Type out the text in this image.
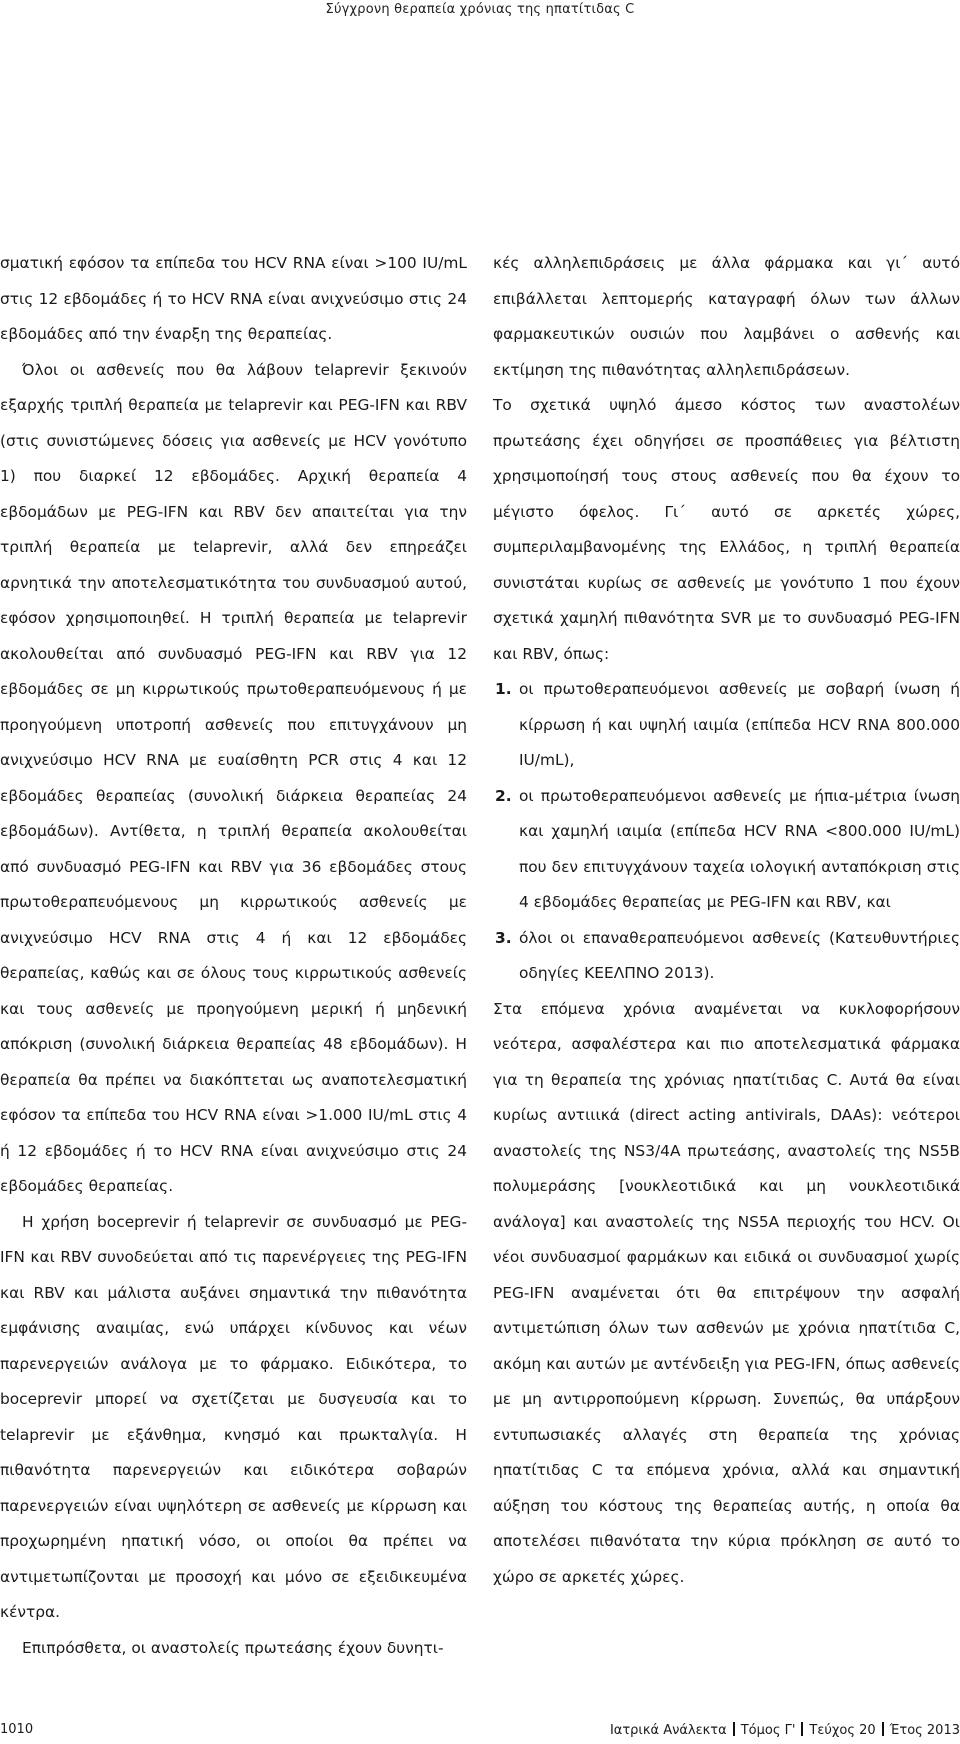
Σύγχρονη θεραπεία χρόνιας της ηπατίτιδας C

σματική εφόσον τα επίπεδα του HCV RNA είναι >100 IU/mL στις 12 εβδομάδες ή το HCV RNA είναι ανιχνεύσιμο στις 24 εβδομάδες από την έναρξη της θεραπείας.

Όλοι οι ασθενείς που θα λάβουν telaprevir ξεκινούν εξαρχής τριπλή θεραπεία με telaprevir και PEG-IFN και RBV (στις συνιστώμενες δόσεις για ασθενείς με HCV γονότυπο 1) που διαρκεί 12 εβδομάδες. Αρχική θεραπεία 4 εβδομάδων με PEG-IFN και RBV δεν απαιτείται για την τριπλή θεραπεία με telaprevir, αλλά δεν επηρεάζει αρνητικά την αποτελεσματικότητα του συνδυασμού αυτού, εφόσον χρησιμοποιηθεί. Η τριπλή θεραπεία με telaprevir ακολουθείται από συνδυασμό PEG-IFN και RBV για 12 εβδομάδες σε μη κιρρωτικούς πρωτοθεραπευόμενους ή με προηγούμενη υποτροπή ασθενείς που επιτυγχάνουν μη ανιχνεύσιμο HCV RNA με ευαίσθητη PCR στις 4 και 12 εβδομάδες θεραπείας (συνολική διάρκεια θεραπείας 24 εβδομάδων). Αντίθετα, η τριπλή θεραπεία ακολουθείται από συνδυασμό PEG-IFN και RBV για 36 εβδομάδες στους πρωτοθεραπευόμενους μη κιρρωτικούς ασθενείς με ανιχνεύσιμο HCV RNA στις 4 ή και 12 εβδομάδες θεραπείας, καθώς και σε όλους τους κιρρωτικούς ασθενείς και τους ασθενείς με προηγούμενη μερική ή μηδενική απόκριση (συνολική διάρκεια θεραπείας 48 εβδομάδων). Η θεραπεία θα πρέπει να διακόπτεται ως αναποτελεσματική εφόσον τα επίπεδα του HCV RNA είναι >1.000 IU/mL στις 4 ή 12 εβδομάδες ή το HCV RNA είναι ανιχνεύσιμο στις 24 εβδομάδες θεραπείας.

Η χρήση boceprevir ή telaprevir σε συνδυασμό με PEG-IFN και RBV συνοδεύεται από τις παρενέργειες της PEG-IFN και RBV και μάλιστα αυξάνει σημαντικά την πιθανότητα εμφάνισης αναιμίας, ενώ υπάρχει κίνδυνος και νέων παρενεργειών ανάλογα με το φάρμακο. Ειδικότερα, το boceprevir μπορεί να σχετίζεται με δυσγευσία και το telaprevir με εξάνθημα, κνησμό και πρωκταλγία. Η πιθανότητα παρενεργειών και ειδικότερα σοβαρών παρενεργειών είναι υψηλότερη σε ασθενείς με κίρρωση και προχωρημένη ηπατική νόσο, οι οποίοι θα πρέπει να αντιμετωπίζονται με προσοχή και μόνο σε εξειδικευμένα κέντρα.

Επιπρόσθετα, οι αναστολείς πρωτεάσης έχουν δυνητι-

κές αλληλεπιδράσεις με άλλα φάρμακα και γι΄ αυτό επιβάλλεται λεπτομερής καταγραφή όλων των άλλων φαρμακευτικών ουσιών που λαμβάνει ο ασθενής και εκτίμηση της πιθανότητας αλληλεπιδράσεων.

Το σχετικά υψηλό άμεσο κόστος των αναστολέων πρωτεάσης έχει οδηγήσει σε προσπάθειες για βέλτιστη χρησιμοποίησή τους στους ασθενείς που θα έχουν το μέγιστο όφελος. Γι΄ αυτό σε αρκετές χώρες, συμπεριλαμβανομένης της Ελλάδος, η τριπλή θεραπεία συνιστάται κυρίως σε ασθενείς με γονότυπο 1 που έχουν σχετικά χαμηλή πιθανότητα SVR με το συνδυασμό PEG-IFN και RBV, όπως:

1. οι πρωτοθεραπευόμενοι ασθενείς με σοβαρή ίνωση ή κίρρωση ή και υψηλή ιαιμία (επίπεδα HCV RNA 800.000 IU/mL),
2. οι πρωτοθεραπευόμενοι ασθενείς με ήπια-μέτρια ίνωση και χαμηλή ιαιμία (επίπεδα HCV RNA <800.000 IU/mL) που δεν επιτυγχάνουν ταχεία ιολογική ανταπόκριση στις 4 εβδομάδες θεραπείας με PEG-IFN και RBV, και
3. όλοι οι επαναθεραπευόμενοι ασθενείς (Κατευθυντήριες οδηγίες ΚΕΕΛΠΝΟ 2013).

Στα επόμενα χρόνια αναμένεται να κυκλοφορήσουν νεότερα, ασφαλέστερα και πιο αποτελεσματικά φάρμακα για τη θεραπεία της χρόνιας ηπατίτιδας C. Αυτά θα είναι κυρίως αντιιικά (direct acting antivirals, DAAs): νεότεροι αναστολείς της NS3/4A πρωτεάσης, αναστολείς της NS5B πολυμεράσης [νουκλεοτιδικά και μη νουκλεοτιδικά ανάλογα] και αναστολείς της NS5A περιοχής του HCV. Οι νέοι συνδυασμοί φαρμάκων και ειδικά οι συνδυασμοί χωρίς PEG-IFN αναμένεται ότι θα επιτρέψουν την ασφαλή αντιμετώπιση όλων των ασθενών με χρόνια ηπατίτιδα C, ακόμη και αυτών με αντένδειξη για PEG-IFN, όπως ασθενείς με μη αντιρροπούμενη κίρρωση. Συνεπώς, θα υπάρξουν εντυπωσιακές αλλαγές στη θεραπεία της χρόνιας ηπατίτιδας C τα επόμενα χρόνια, αλλά και σημαντική αύξηση του κόστους της θεραπείας αυτής, η οποία θα αποτελέσει πιθανότατα την κύρια πρόκληση σε αυτό το χώρο σε αρκετές χώρες.

1010	Ιατρικά Ανάλεκτα Τόμος Γ' Τεύχος 20 Έτος 2013
